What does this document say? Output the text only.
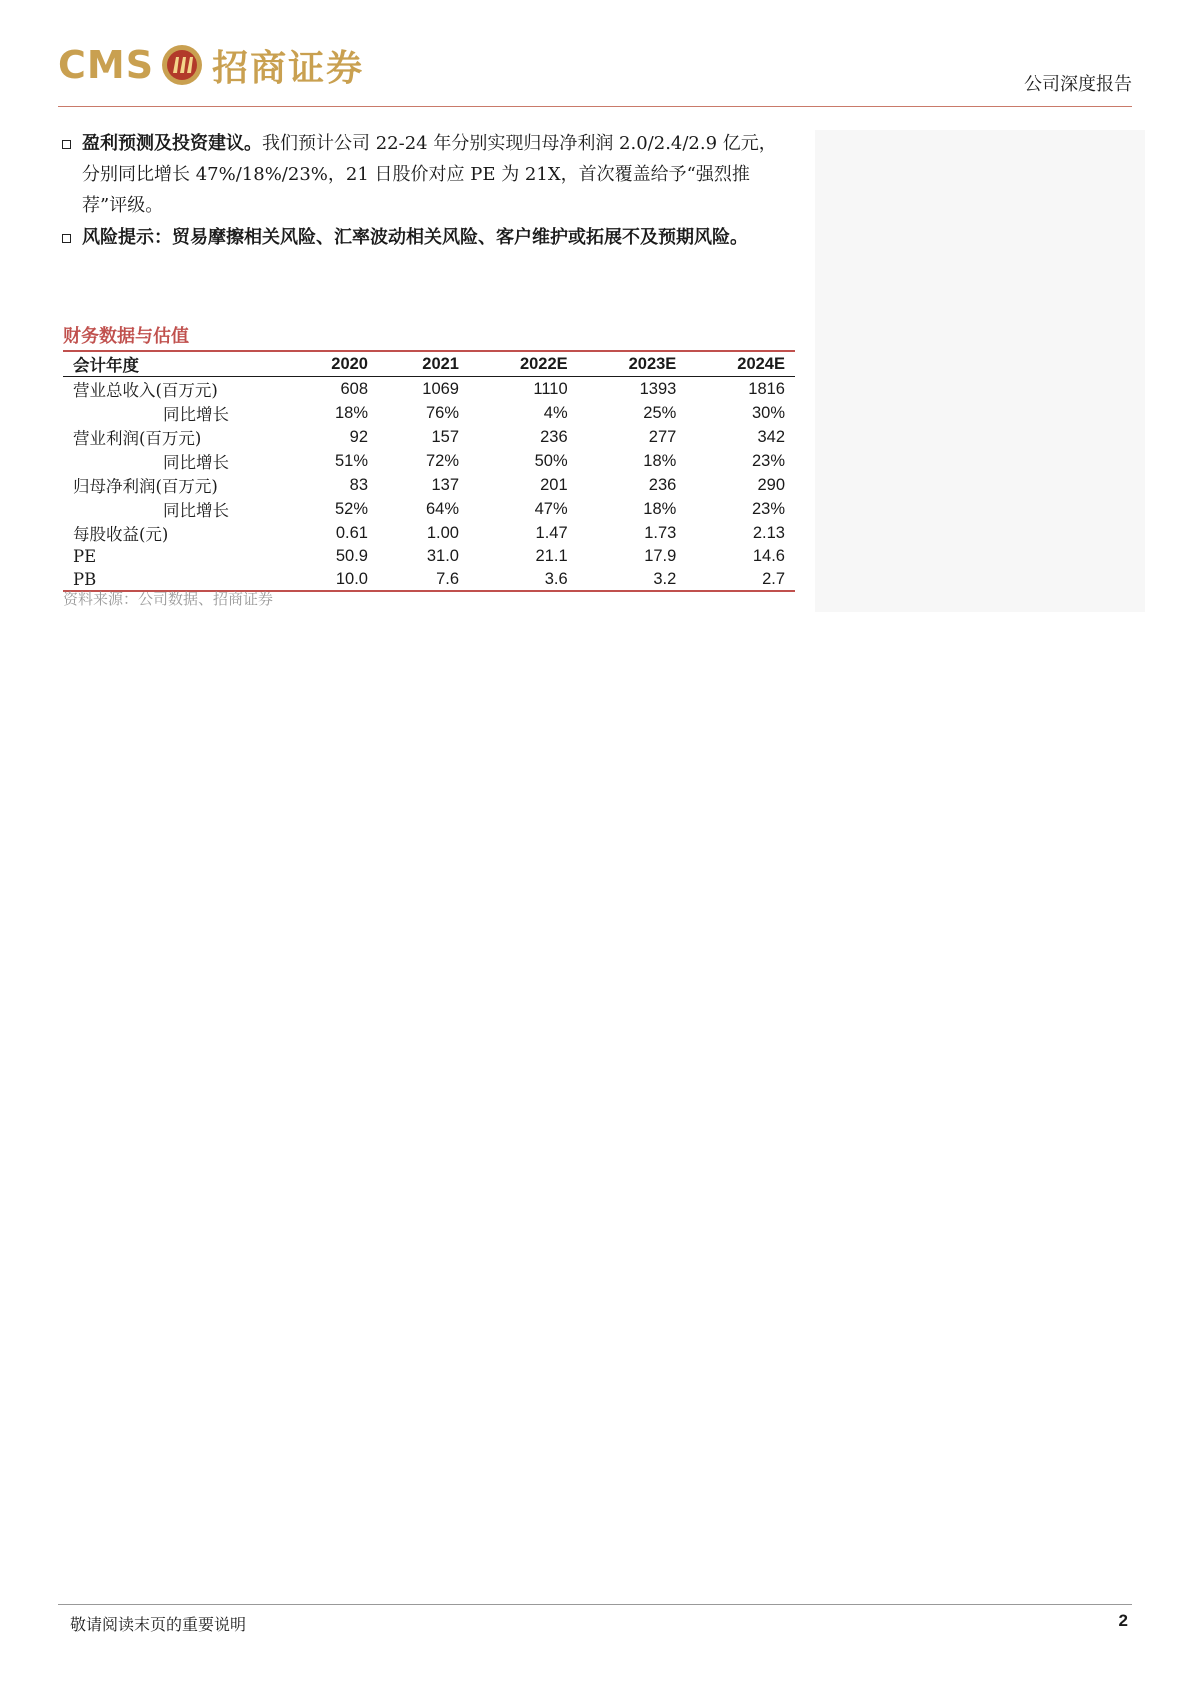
CMS 招商证券	公司深度报告
盈利预测及投资建议。我们预计公司 22-24 年分别实现归母净利润 2.0/2.4/2.9 亿元，分别同比增长 47%/18%/23%，21 日股价对应 PE 为 21X，首次覆盖给予“强烈推荐”评级。
风险提示：贸易摩擦相关风险、汇率波动相关风险、客户维护或拓展不及预期风险。
财务数据与估值
会计年度	2020	2021	2022E	2023E	2024E
营业总收入(百万元)	608	1069	1110	1393	1816
同比增长	18%	76%	4%	25%	30%
营业利润(百万元)	92	157	236	277	342
同比增长	51%	72%	50%	18%	23%
归母净利润(百万元)	83	137	201	236	290
同比增长	52%	64%	47%	18%	23%
每股收益(元)	0.61	1.00	1.47	1.73	2.13
PE	50.9	31.0	21.1	17.9	14.6
PB	10.0	7.6	3.6	3.2	2.7
资料来源：公司数据、招商证券
敬请阅读末页的重要说明	2
